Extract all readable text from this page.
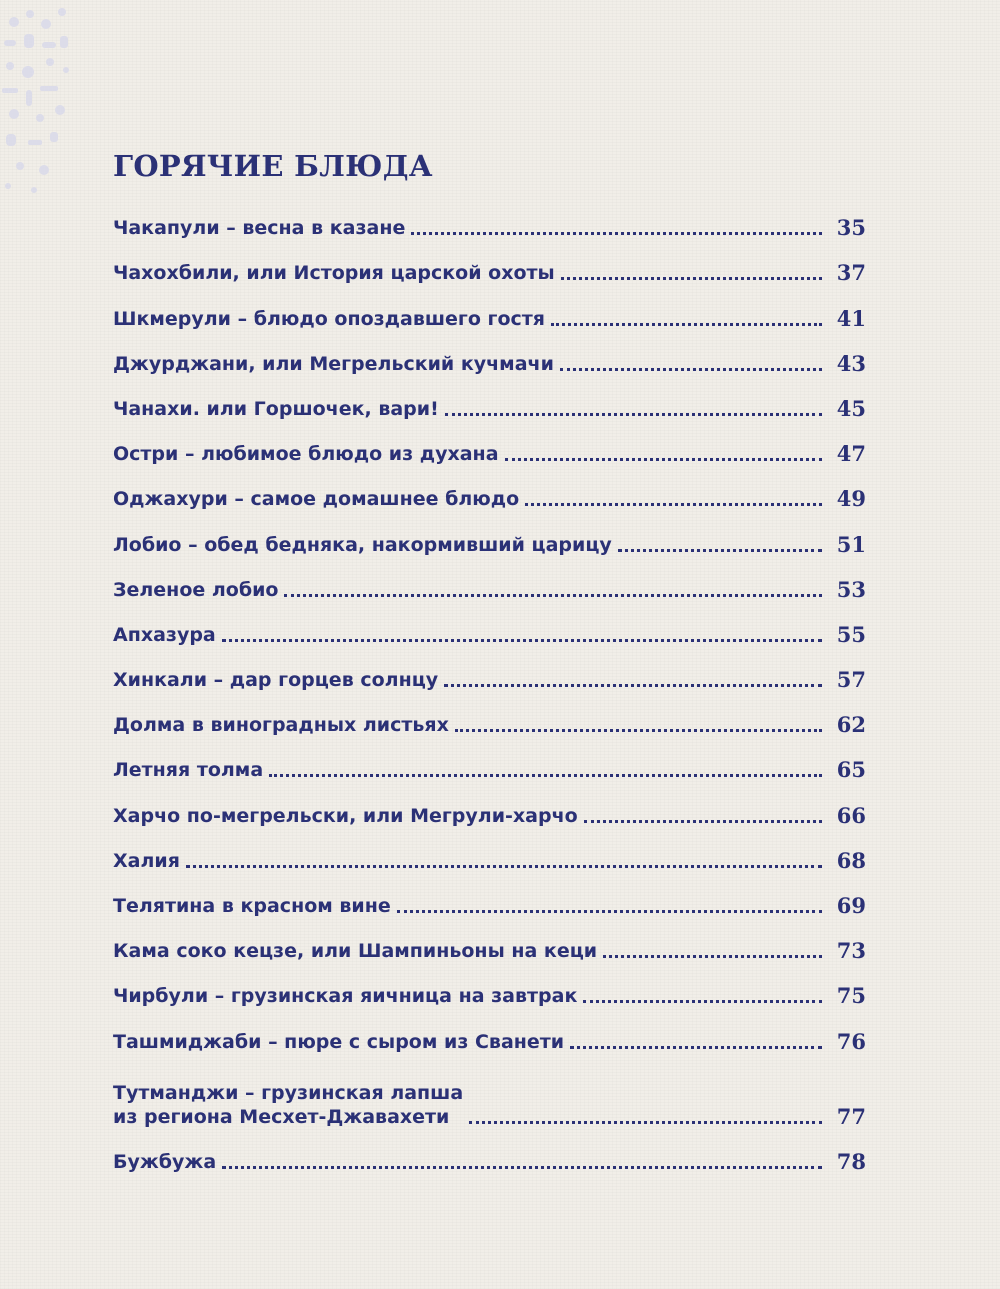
ГОРЯЧИЕ БЛЮДА
Чакапули – весна в казане	35
Чахохбили, или История царской охоты	37
Шкмерули – блюдо опоздавшего гостя	41
Джурджани, или Мегрельский кучмачи	43
Чанахи. или Горшочек, вари!	45
Остри – любимое блюдо из духана	47
Оджахури – самое домашнее блюдо	49
Лобио – обед бедняка, накормивший царицу	51
Зеленое лобио	53
Апхазура	55
Хинкали – дар горцев солнцу	57
Долма в виноградных листьях	62
Летняя толма	65
Харчо по-мегрельски, или Мегрули-харчо	66
Халия	68
Телятина в красном вине	69
Кама соко кецзе, или Шампиньоны на кеци	73
Чирбули – грузинская яичница на завтрак	75
Ташмиджаби – пюре с сыром из Сванети	76
Тутманджи – грузинская лапша
из региона Месхет-Джавахети	77
Бужбужа	78
